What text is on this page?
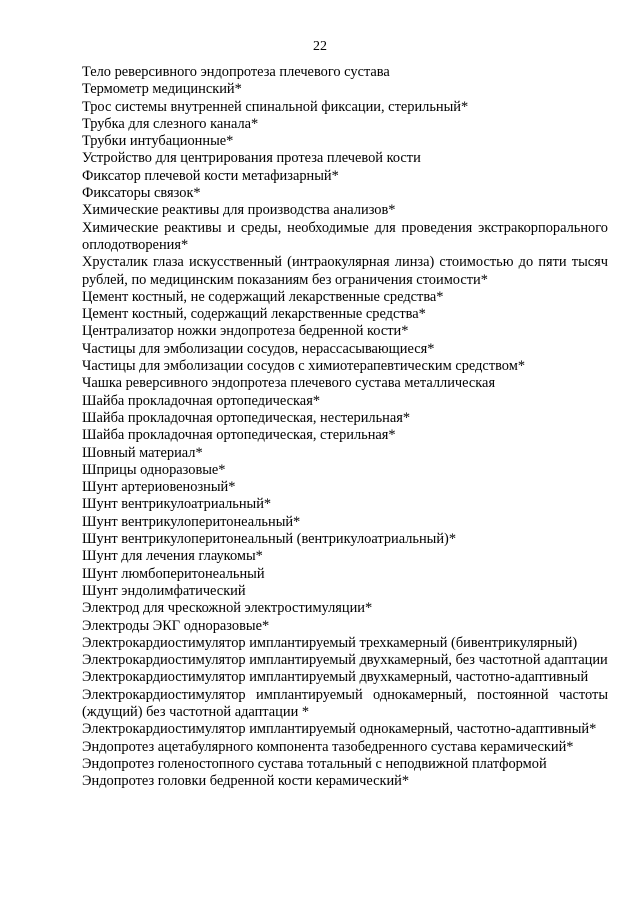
22
Тело реверсивного эндопротеза плечевого сустава
Термометр медицинский*
Трос системы внутренней спинальной фиксации, стерильный*
Трубка для слезного канала*
Трубки интубационные*
Устройство для центрирования протеза плечевой кости
Фиксатор плечевой кости метафизарный*
Фиксаторы связок*
Химические реактивы для производства анализов*
Химические реактивы и среды, необходимые для проведения экстракорпорального оплодотворения*
Хрусталик глаза искусственный (интраокулярная линза) стоимостью до пяти тысяч рублей, по медицинским показаниям без ограничения стоимости*
Цемент костный, не содержащий лекарственные средства*
Цемент костный, содержащий лекарственные средства*
Централизатор ножки эндопротеза бедренной кости*
Частицы для эмболизации сосудов, нерассасывающиеся*
Частицы для эмболизации сосудов с химиотерапевтическим средством*
Чашка реверсивного эндопротеза плечевого сустава металлическая
Шайба прокладочная ортопедическая*
Шайба прокладочная ортопедическая, нестерильная*
Шайба прокладочная ортопедическая, стерильная*
Шовный материал*
Шприцы одноразовые*
Шунт артериовенозный*
Шунт вентрикулоатриальный*
Шунт вентрикулоперитонеальный*
Шунт вентрикулоперитонеальный (вентрикулоатриальный)*
Шунт для лечения глаукомы*
Шунт люмбоперитонеальный
Шунт эндолимфатический
Электрод для чрескожной электростимуляции*
Электроды ЭКГ одноразовые*
Электрокардиостимулятор имплантируемый трехкамерный (бивентрикулярный)
Электрокардиостимулятор имплантируемый двухкамерный, без частотной адаптации
Электрокардиостимулятор имплантируемый двухкамерный, частотно-адаптивный
Электрокардиостимулятор имплантируемый однокамерный, постоянной частоты (ждущий) без частотной адаптации *
Электрокардиостимулятор имплантируемый однокамерный, частотно-адаптивный*
Эндопротез ацетабулярного компонента тазобедренного сустава керамический*
Эндопротез голеностопного сустава тотальный с неподвижной платформой
Эндопротез головки бедренной кости керамический*
